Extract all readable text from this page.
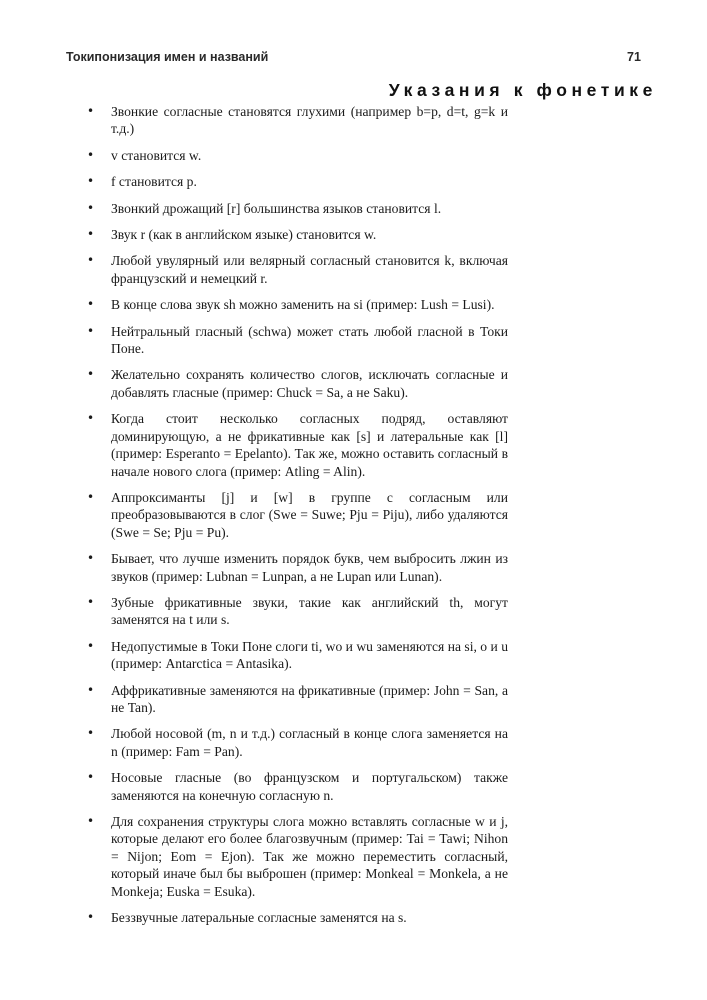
Токипонизация имен и названий	71
Указания к фонетике
• Звонкие согласные становятся глухими (например b=p, d=t, g=k и т.д.)
• v становится w.
• f становится p.
• Звонкий дрожащий [r] большинства языков становится l.
• Звук r (как в английском языке) становится w.
• Любой увулярный или велярный согласный становится k, включая французский и немецкий r.
• В конце слова звук sh можно заменить на si (пример: Lush = Lusi).
• Нейтральный гласный (schwa) может стать любой гласной в Токи Поне.
• Желательно сохранять количество слогов, исключать согласные и добавлять гласные (пример: Chuck = Sa, а не Saku).
• Когда стоит несколько согласных подряд, оставляют доминирующую, а не фрикативные как [s] и латеральные как [l] (пример: Esperanto = Epelanto). Так же, можно оставить согласный в начале нового слога (пример: Atling = Alin).
• Аппроксиманты [j] и [w] в группе с согласным или преобразовываются в слог (Swe = Suwe; Pju = Piju), либо удаляются (Swe = Se; Pju = Pu).
• Бывает, что лучше изменить порядок букв, чем выбросить лжин из звуков (пример: Lubnan = Lunpan, а не Lupan или Lunan).
• Зубные фрикативные звуки, такие как английский th, могут заменятся на t или s.
• Недопустимые в Токи Поне слоги ti, wo и wu заменяются на si, o и u (пример: Antarctica = Antasika).
• Аффрикативные заменяются на фрикативные (пример: John = San, а не Tan).
• Любой носовой (m, n и т.д.) согласный в конце слога заменяется на n (пример: Fam = Pan).
• Носовые гласные (во французском и португальском) также заменяются на конечную согласную n.
• Для сохранения структуры слога можно вставлять согласные w и j, которые делают его более благозвучным (пример: Tai = Tawi; Nihon = Nijon; Eom = Ejon). Так же можно переместить согласный, который иначе был бы выброшен (пример: Monkeal = Monkela, а не Monkeja; Euska = Esuka).
• Беззвучные латеральные согласные заменятся на s.
